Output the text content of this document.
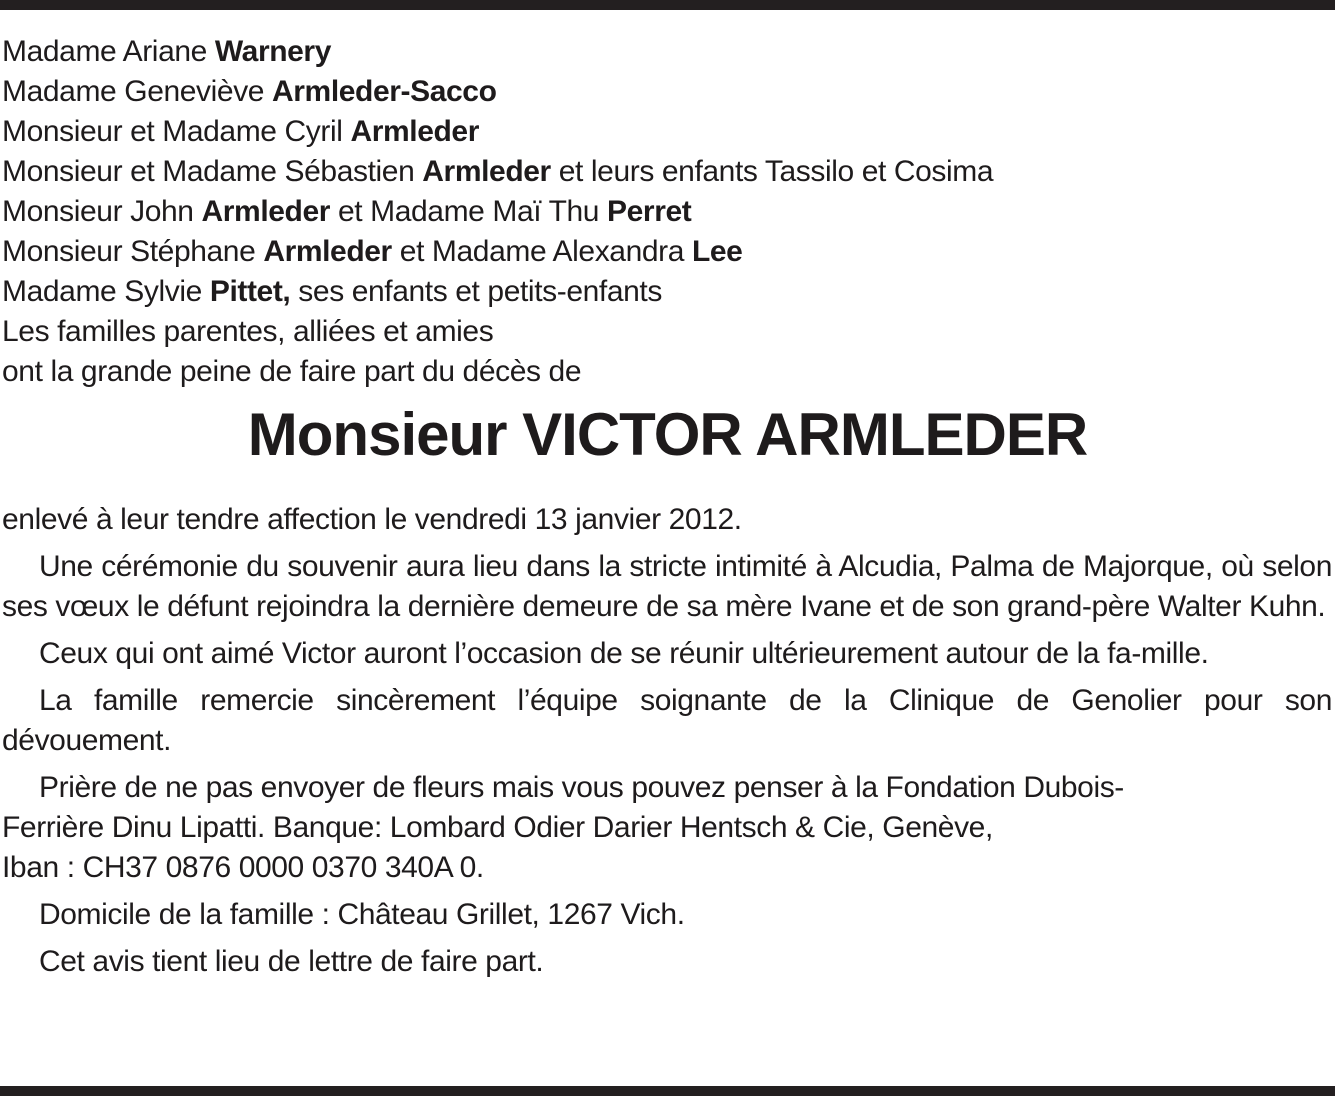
Madame Ariane Warnery
Madame Geneviève Armleder-Sacco
Monsieur et Madame Cyril Armleder
Monsieur et Madame Sébastien Armleder et leurs enfants Tassilo et Cosima
Monsieur John Armleder et Madame Maï Thu Perret
Monsieur Stéphane Armleder et Madame Alexandra Lee
Madame Sylvie Pittet, ses enfants et petits-enfants
Les familles parentes, alliées et amies
ont la grande peine de faire part du décès de
Monsieur VICTOR ARMLEDER

enlevé à leur tendre affection le vendredi 13 janvier 2012.

Une cérémonie du souvenir aura lieu dans la stricte intimité à Alcudia, Palma de Majorque, où selon ses vœux le défunt rejoindra la dernière demeure de sa mère Ivane et de son grand-père Walter Kuhn.

Ceux qui ont aimé Victor auront l’occasion de se réunir ultérieurement autour de la fa-mille.

La famille remercie sincèrement l’équipe soignante de la Clinique de Genolier pour son dévouement.

Prière de ne pas envoyer de fleurs mais vous pouvez penser à la Fondation Dubois-
Ferrière Dinu Lipatti. Banque: Lombard Odier Darier Hentsch & Cie, Genève,
Iban : CH37 0876 0000 0370 340A 0.
Domicile de la famille : Château Grillet, 1267 Vich.
Cet avis tient lieu de lettre de faire part.
